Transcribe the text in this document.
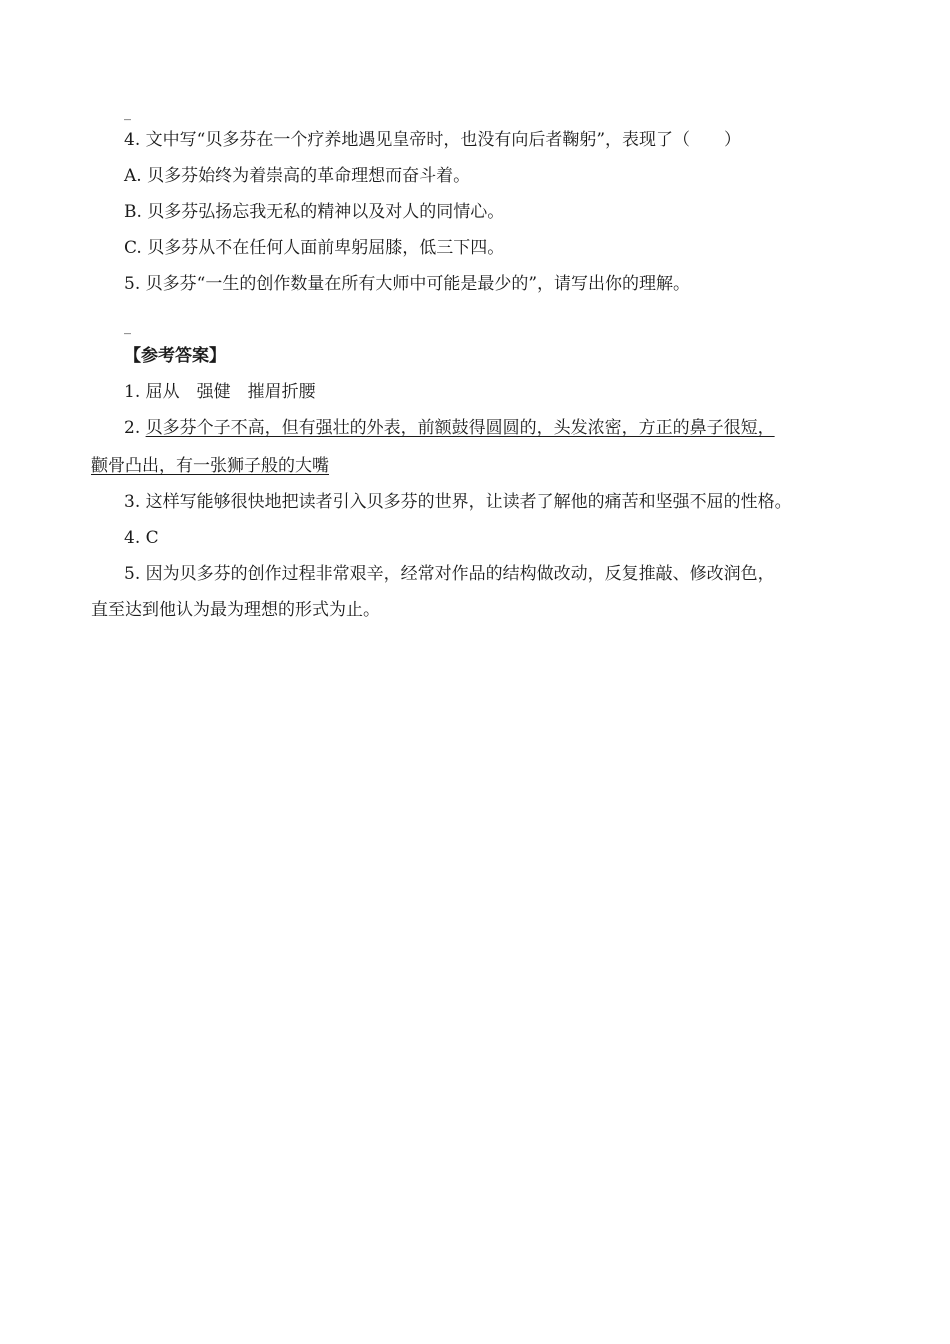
_
4. 文中写“贝多芬在一个疗养地遇见皇帝时，也没有向后者鞠躬”，表现了（　　）
A. 贝多芬始终为着崇高的革命理想而奋斗着。
B. 贝多芬弘扬忘我无私的精神以及对人的同情心。
C. 贝多芬从不在任何人面前卑躬屈膝，低三下四。
5. 贝多芬“一生的创作数量在所有大师中可能是最少的”，请写出你的理解。
_
【参考答案】
1. 屈从　强健　摧眉折腰
2. 贝多芬个子不高，但有强壮的外表，前额鼓得圆圆的，头发浓密，方正的鼻子很短，
颧骨凸出，有一张狮子般的大嘴
3. 这样写能够很快地把读者引入贝多芬的世界，让读者了解他的痛苦和坚强不屈的性格。
4. C
5. 因为贝多芬的创作过程非常艰辛，经常对作品的结构做改动，反复推敲、修改润色，
直至达到他认为最为理想的形式为止。
